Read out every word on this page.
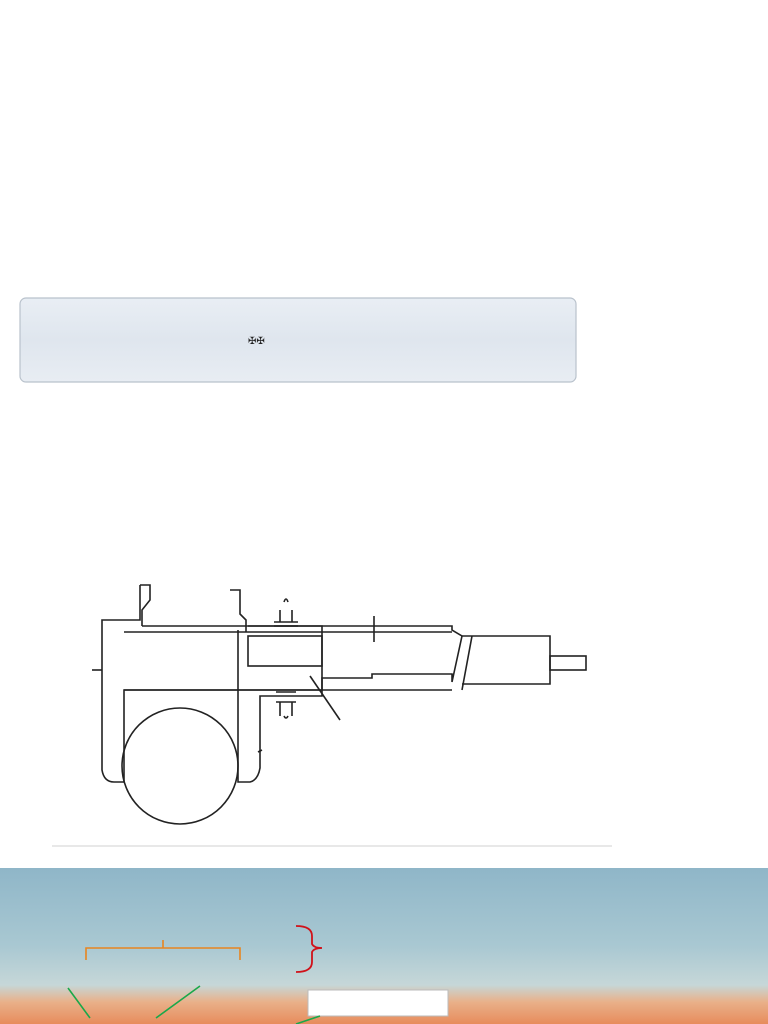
✠✠
